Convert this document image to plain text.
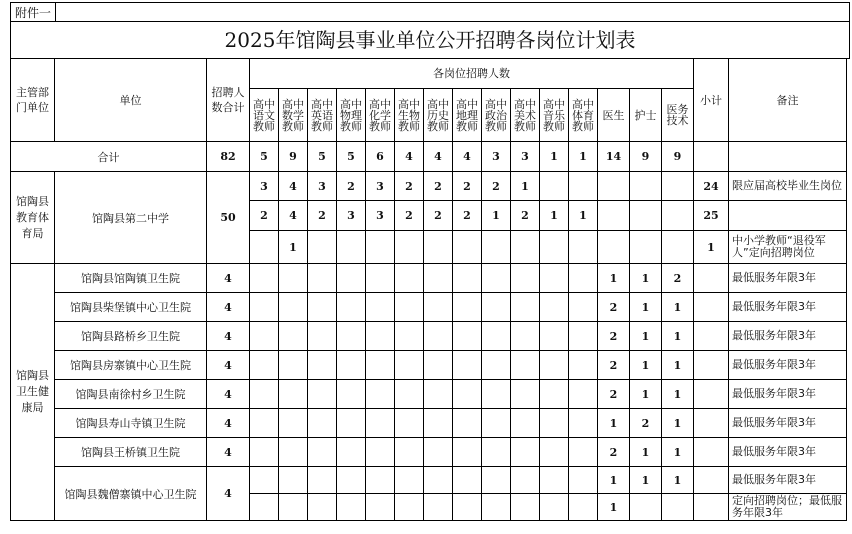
附件一
2025年馆陶县事业单位公开招聘各岗位计划表
主管部门单位	单位	招聘人数合计	各岗位招聘人数															小计	备注
			高中语文教师	高中数学教师	高中英语教师	高中物理教师	高中化学教师	高中生物教师	高中历史教师	高中地理教师	高中政治教师	高中美术教师	高中音乐教师	高中体育教师	医生	护士	医务技术		
合计		82	5	9	5	5	6	4	4	4	3	3	1	1	14	9	9		
馆陶县教育体育局	馆陶县第二中学	50	3	4	3	2	3	2	2	2	2	1						24	限应届高校毕业生岗位
			2	4	2	3	3	2	2	2	1	2	1	1				25	
				1														1	中小学教师“退役军人”定向招聘岗位
馆陶县卫生健康局	馆陶县馆陶镇卫生院	4													1	1	2		最低服务年限3年
	馆陶县柴堡镇中心卫生院	4													2	1	1		最低服务年限3年
	馆陶县路桥乡卫生院	4													2	1	1		最低服务年限3年
	馆陶县房寨镇中心卫生院	4													2	1	1		最低服务年限3年
	馆陶县南徐村乡卫生院	4													2	1	1		最低服务年限3年
	馆陶县寿山寺镇卫生院	4													1	2	1		最低服务年限3年
	馆陶县王桥镇卫生院	4													2	1	1		最低服务年限3年
	馆陶县魏僧寨镇中心卫生院	4													1	1	1		最低服务年限3年
															1				定向招聘岗位；最低服务年限3年
